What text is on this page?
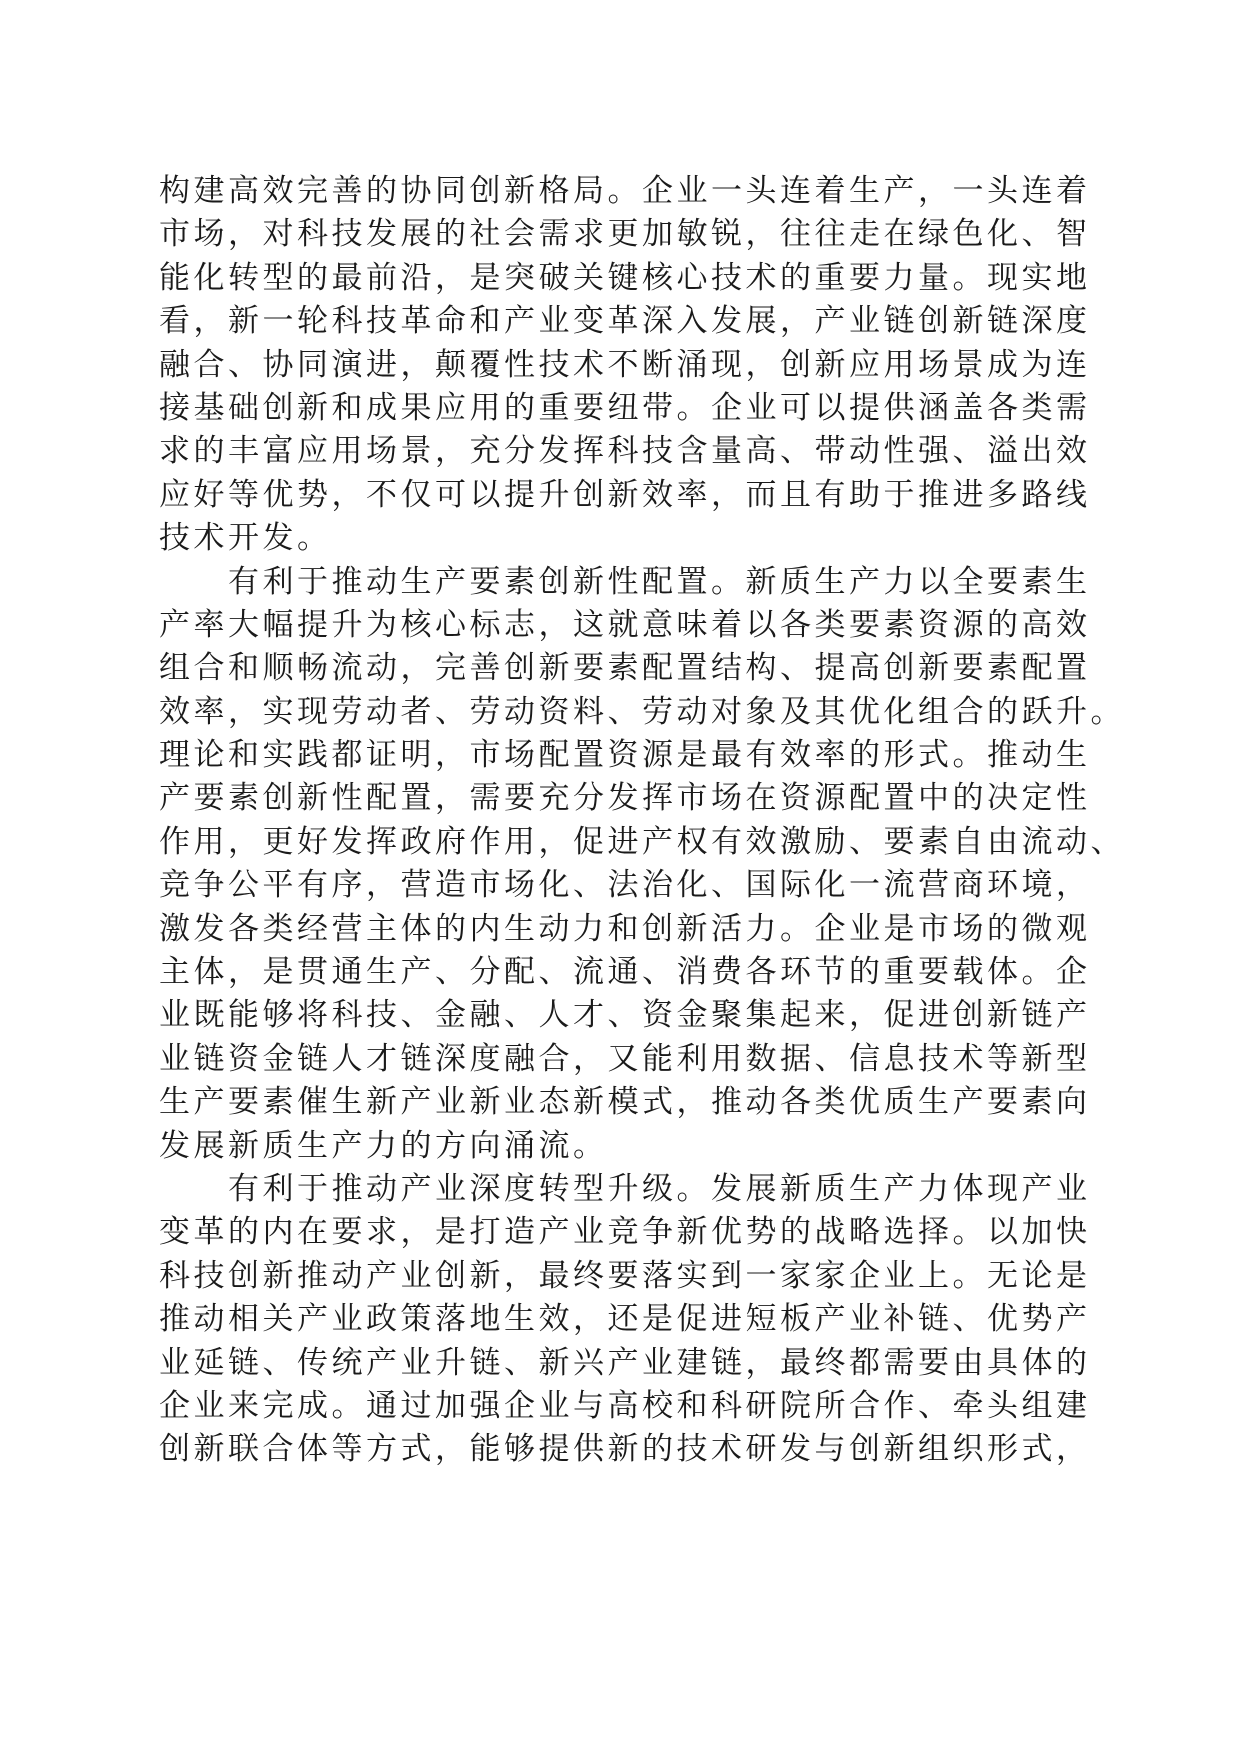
构建高效完善的协同创新格局。企业一头连着生产，一头连着
市场，对科技发展的社会需求更加敏锐，往往走在绿色化、智
能化转型的最前沿，是突破关键核心技术的重要力量。现实地
看，新一轮科技革命和产业变革深入发展，产业链创新链深度
融合、协同演进，颠覆性技术不断涌现，创新应用场景成为连
接基础创新和成果应用的重要纽带。企业可以提供涵盖各类需
求的丰富应用场景，充分发挥科技含量高、带动性强、溢出效
应好等优势，不仅可以提升创新效率，而且有助于推进多路线
技术开发。
有利于推动生产要素创新性配置。新质生产力以全要素生
产率大幅提升为核心标志，这就意味着以各类要素资源的高效
组合和顺畅流动，完善创新要素配置结构、提高创新要素配置
效率，实现劳动者、劳动资料、劳动对象及其优化组合的跃升。
理论和实践都证明，市场配置资源是最有效率的形式。推动生
产要素创新性配置，需要充分发挥市场在资源配置中的决定性
作用，更好发挥政府作用，促进产权有效激励、要素自由流动、
竞争公平有序，营造市场化、法治化、国际化一流营商环境，
激发各类经营主体的内生动力和创新活力。企业是市场的微观
主体，是贯通生产、分配、流通、消费各环节的重要载体。企
业既能够将科技、金融、人才、资金聚集起来，促进创新链产
业链资金链人才链深度融合，又能利用数据、信息技术等新型
生产要素催生新产业新业态新模式，推动各类优质生产要素向
发展新质生产力的方向涌流。
有利于推动产业深度转型升级。发展新质生产力体现产业
变革的内在要求，是打造产业竞争新优势的战略选择。以加快
科技创新推动产业创新，最终要落实到一家家企业上。无论是
推动相关产业政策落地生效，还是促进短板产业补链、优势产
业延链、传统产业升链、新兴产业建链，最终都需要由具体的
企业来完成。通过加强企业与高校和科研院所合作、牵头组建
创新联合体等方式，能够提供新的技术研发与创新组织形式，
